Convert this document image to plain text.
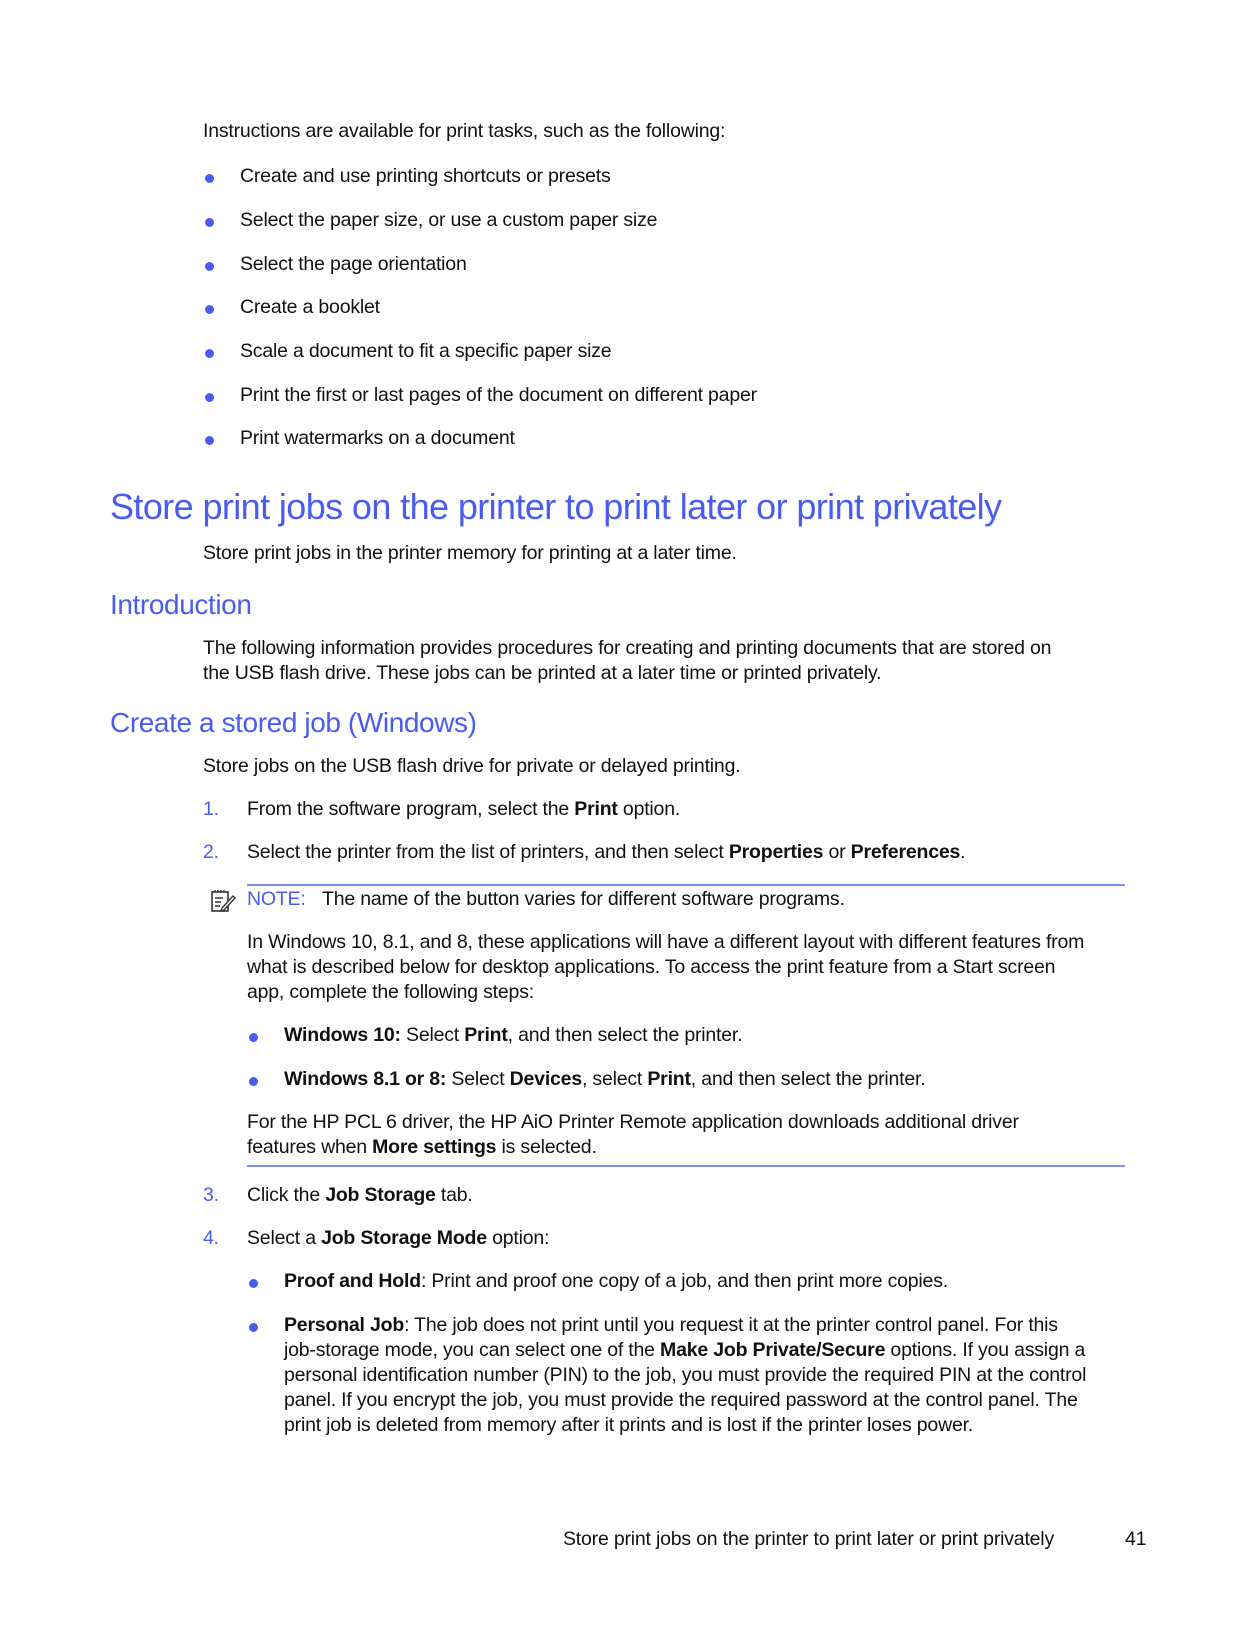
Instructions are available for print tasks, such as the following:
Create and use printing shortcuts or presets
Select the paper size, or use a custom paper size
Select the page orientation
Create a booklet
Scale a document to fit a specific paper size
Print the first or last pages of the document on different paper
Print watermarks on a document
Store print jobs on the printer to print later or print privately
Store print jobs in the printer memory for printing at a later time.
Introduction
The following information provides procedures for creating and printing documents that are stored on
the USB flash drive. These jobs can be printed at a later time or printed privately.
Create a stored job (Windows)
Store jobs on the USB flash drive for private or delayed printing.
1. From the software program, select the Print option.
2. Select the printer from the list of printers, and then select Properties or Preferences.
NOTE: The name of the button varies for different software programs.
In Windows 10, 8.1, and 8, these applications will have a different layout with different features from
what is described below for desktop applications. To access the print feature from a Start screen
app, complete the following steps:
Windows 10: Select Print, and then select the printer.
Windows 8.1 or 8: Select Devices, select Print, and then select the printer.
For the HP PCL 6 driver, the HP AiO Printer Remote application downloads additional driver
features when More settings is selected.
3. Click the Job Storage tab.
4. Select a Job Storage Mode option:
Proof and Hold: Print and proof one copy of a job, and then print more copies.
Personal Job: The job does not print until you request it at the printer control panel. For this
job-storage mode, you can select one of the Make Job Private/Secure options. If you assign a
personal identification number (PIN) to the job, you must provide the required PIN at the control
panel. If you encrypt the job, you must provide the required password at the control panel. The
print job is deleted from memory after it prints and is lost if the printer loses power.
Store print jobs on the printer to print later or print privately	41
